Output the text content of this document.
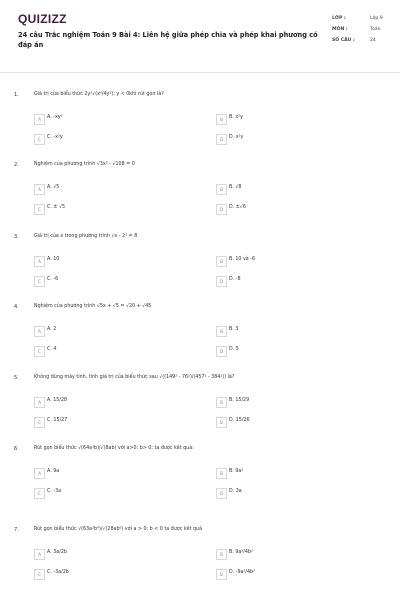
QUIZIZZ
24 câu Trắc nghiệm Toán 9 Bài 4: Liên hệ giữa phép chia và phép khai phương có đáp án
LỚP :	Lớp 9
MÔN :	Toán
SỐ CÂU :	24
1.	Giá trị của biểu thức 2y²√(x⁴/4y²); y < 0khi rút gọn là?
A	A. -xy²	B	B. x²y
C	C. -x²y	D	D. x²y
2.	Nghiệm của phương trình √3x² - √108 = 0
A	A. √5	B	B. √8
C	C. ± √5	D	D. ±√6
3.	Giá trị của x trong phương trình √x - 2² = 8
A	A. 10	B	B. 10 và -6
C	C. -6	D	D. -8
4.	Nghiệm của phương trình √5x + √5 = √20 + √45
A	A. 2	B	B. 3
C	C. 4	D	D. 5
5.	Không dùng máy tính, tính giá trị của biểu thức sau √((149² - 76²)/(457² - 384²)) là?
A	A. 15/28	B	B. 15/29
C	C. 15/27	D	D. 15/26
6.	Rút gọn biểu thức √(64a³b)/√(8ab) với a>0; b> 0; ta được kết quả:
A	A. 9a	B	B. 9a²
C	C. -3a	D	D. 3a
7.	Rút gọn biểu thức √(63a³b⁴)/√(28ab⁶) với a > 0; b < 0 ta được kết quả
A	A. 3a/2b	B	B. 9a²/4b²
C	C. -3a/2b	D	D. -9a²/4b²
